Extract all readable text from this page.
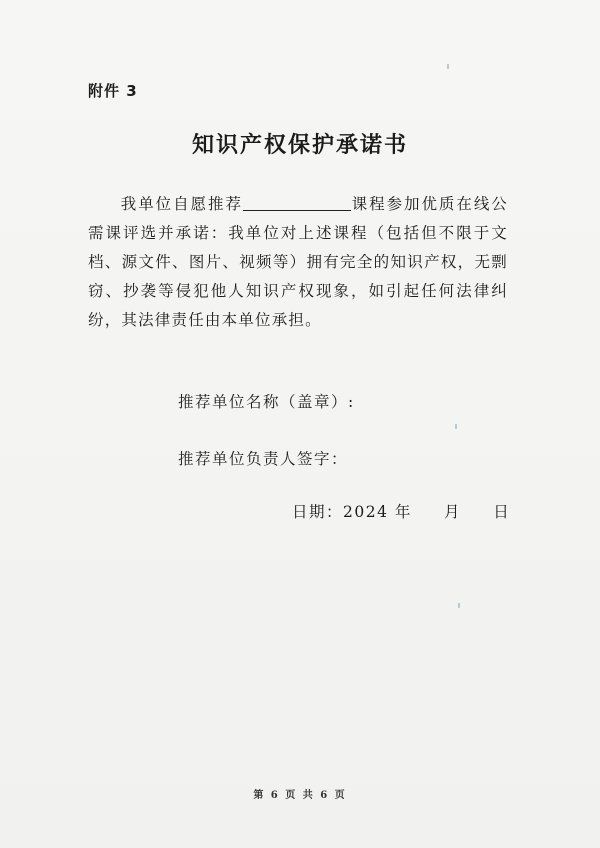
附件 3
知识产权保护承诺书
我单位自愿推荐	课程参加优质在线公需课评选并承诺：我单位对上述课程（包括但不限于文档、源文件、图片、视频等）拥有完全的知识产权，无剽窃、抄袭等侵犯他人知识产权现象，如引起任何法律纠纷，其法律责任由本单位承担。
推荐单位名称（盖章）:
推荐单位负责人签字：
日期：2024 年 月 日
第 6 页 共 6 页
